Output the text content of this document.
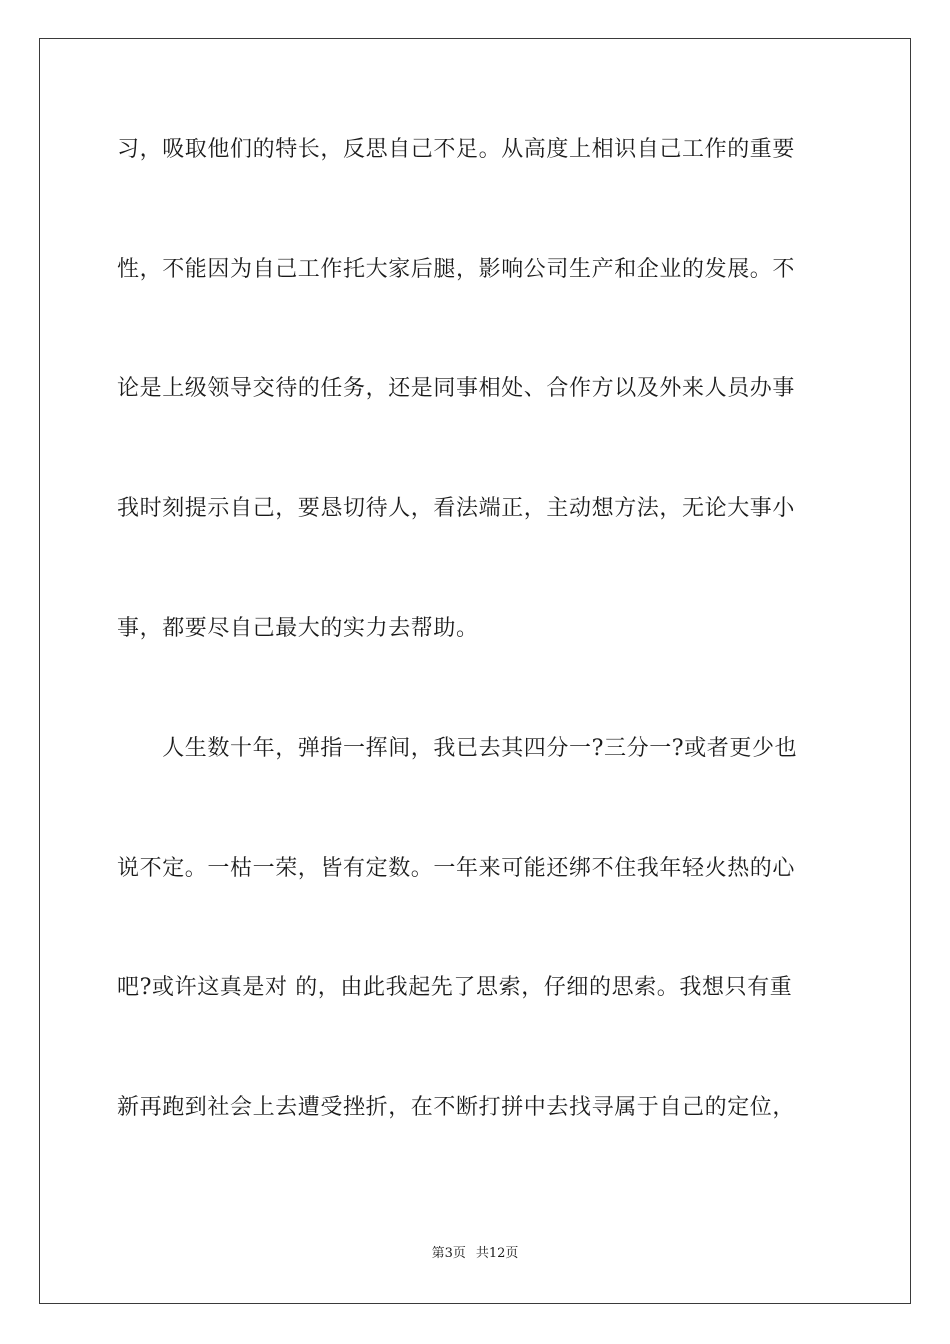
习，吸取他们的特长，反思自己不足。从高度上相识自己工作的重要
性，不能因为自己工作托大家后腿，影响公司生产和企业的发展。不
论是上级领导交待的任务，还是同事相处、合作方以及外来人员办事
我时刻提示自己，要恳切待人，看法端正，主动想方法，无论大事小
事，都要尽自己最大的实力去帮助。
　　人生数十年，弹指一挥间，我已去其四分一?三分一?或者更少也
说不定。一枯一荣，皆有定数。一年来可能还绑不住我年轻火热的心
吧?或许这真是对 的，由此我起先了思索，仔细的思索。我想只有重
新再跑到社会上去遭受挫折，在不断打拼中去找寻属于自己的定位，
第3页 共12页
